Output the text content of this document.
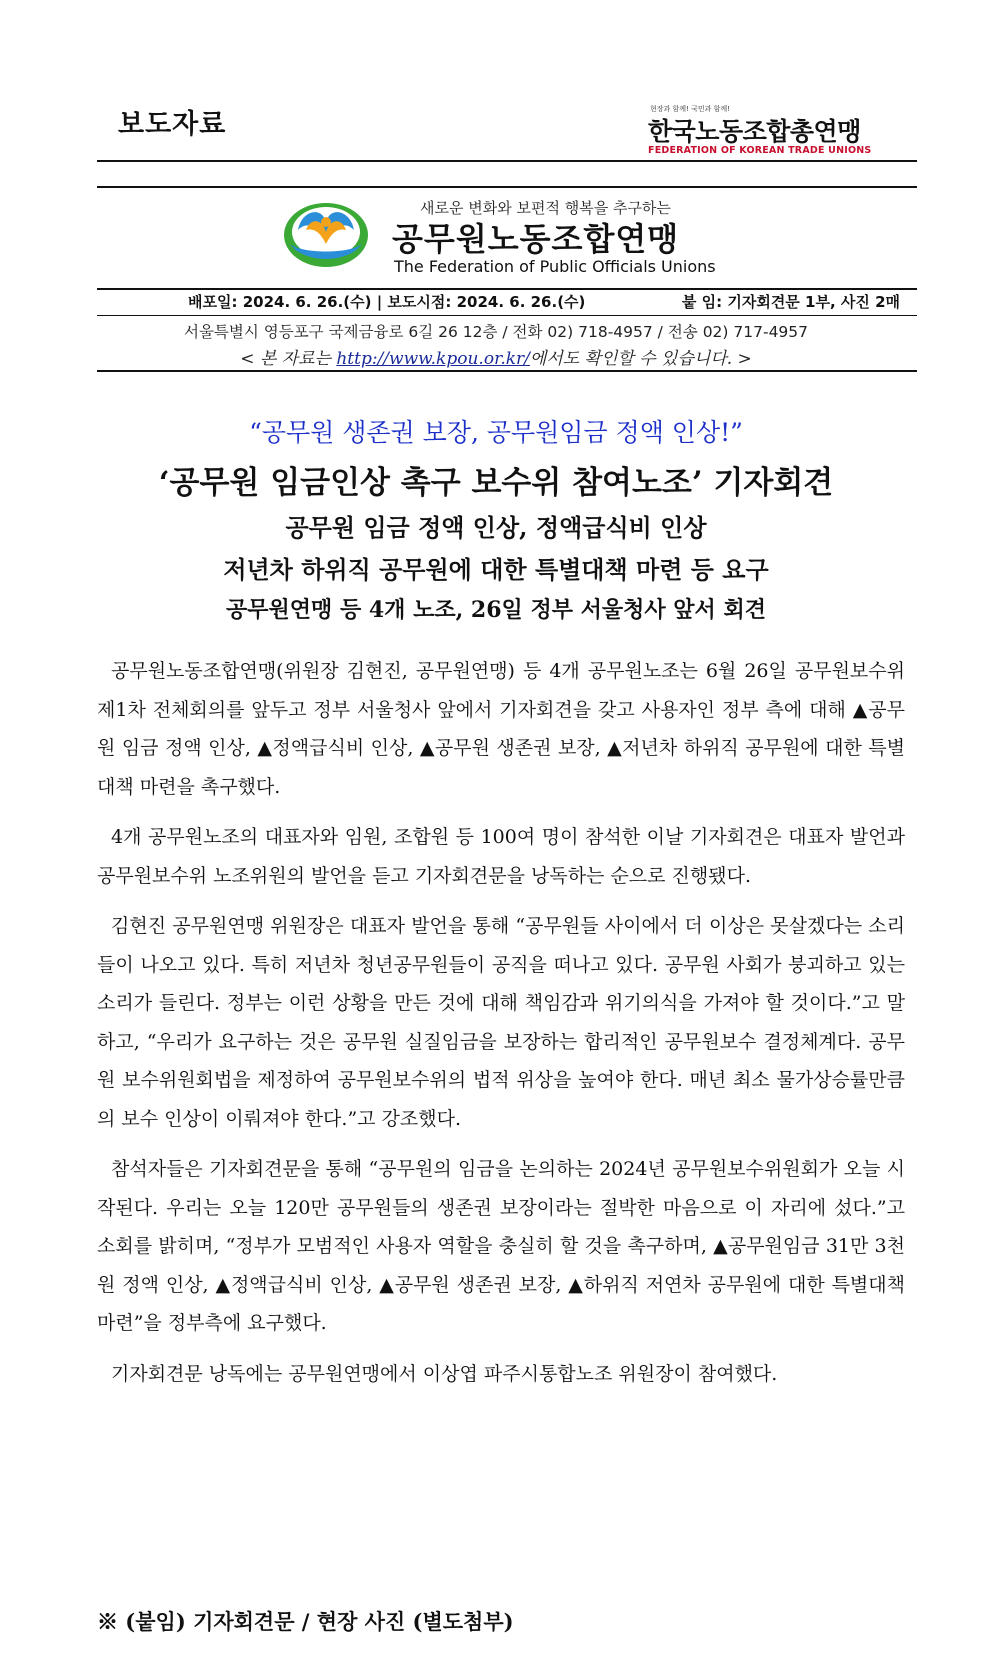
보도자료	현장과 함께! 국민과 함께!
한국노동조합총연맹
FEDERATION OF KOREAN TRADE UNIONS
새로운 변화와 보편적 행복을 추구하는
공무원노동조합연맹
The Federation of Public Officials Unions
배포일: 2024. 6. 26.(수) | 보도시점: 2024. 6. 26.(수)	붙 임: 기자회견문 1부, 사진 2매
서울특별시 영등포구 국제금융로 6길 26 12층 / 전화 02) 718-4957 / 전송 02) 717-4957
< 본 자료는 http://www.kpou.or.kr/에서도 확인할 수 있습니다. >
“공무원 생존권 보장, 공무원임금 정액 인상!”
‘공무원 임금인상 촉구 보수위 참여노조’ 기자회견
공무원 임금 정액 인상, 정액급식비 인상
저년차 하위직 공무원에 대한 특별대책 마련 등 요구
공무원연맹 등 4개 노조, 26일 정부 서울청사 앞서 회견

공무원노동조합연맹(위원장 김현진, 공무원연맹) 등 4개 공무원노조는 6월 26일 공무원보수위 제1차 전체회의를 앞두고 정부 서울청사 앞에서 기자회견을 갖고 사용자인 정부 측에 대해 ▲공무원 임금 정액 인상, ▲정액급식비 인상, ▲공무원 생존권 보장, ▲저년차 하위직 공무원에 대한 특별대책 마련을 촉구했다.

4개 공무원노조의 대표자와 임원, 조합원 등 100여 명이 참석한 이날 기자회견은 대표자 발언과 공무원보수위 노조위원의 발언을 듣고 기자회견문을 낭독하는 순으로 진행됐다.

김현진 공무원연맹 위원장은 대표자 발언을 통해 “공무원들 사이에서 더 이상은 못살겠다는 소리들이 나오고 있다. 특히 저년차 청년공무원들이 공직을 떠나고 있다. 공무원 사회가 붕괴하고 있는 소리가 들린다. 정부는 이런 상황을 만든 것에 대해 책임감과 위기의식을 가져야 할 것이다.”고 말하고, “우리가 요구하는 것은 공무원 실질임금을 보장하는 합리적인 공무원보수 결정체계다. 공무원 보수위원회법을 제정하여 공무원보수위의 법적 위상을 높여야 한다. 매년 최소 물가상승률만큼의 보수 인상이 이뤄져야 한다.”고 강조했다.

참석자들은 기자회견문을 통해 “공무원의 임금을 논의하는 2024년 공무원보수위원회가 오늘 시작된다. 우리는 오늘 120만 공무원들의 생존권 보장이라는 절박한 마음으로 이 자리에 섰다.”고 소회를 밝히며, “정부가 모범적인 사용자 역할을 충실히 할 것을 촉구하며, ▲공무원임금 31만 3천원 정액 인상, ▲정액급식비 인상, ▲공무원 생존권 보장, ▲하위직 저연차 공무원에 대한 특별대책 마련”을 정부측에 요구했다.

기자회견문 낭독에는 공무원연맹에서 이상엽 파주시통합노조 위원장이 참여했다.

※ (붙임) 기자회견문 / 현장 사진 (별도첨부)
